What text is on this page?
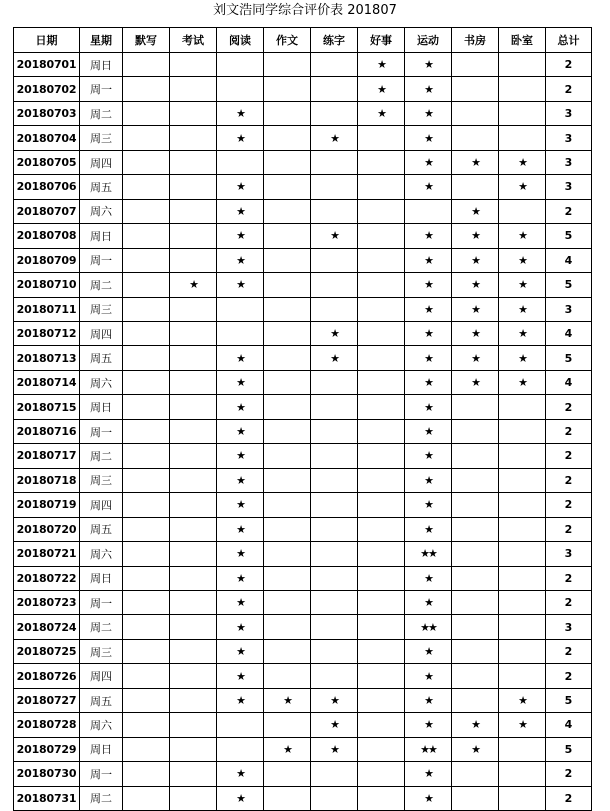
刘文浩同学综合评价表 201807
日期	星期	默写	考试	阅读	作文	练字	好事	运动	书房	卧室	总计
20180701	周日						★	★			2
20180702	周一						★	★			2
20180703	周二			★			★	★			3
20180704	周三			★		★		★			3
20180705	周四							★	★	★	3
20180706	周五			★				★		★	3
20180707	周六			★					★		2
20180708	周日			★		★		★	★	★	5
20180709	周一			★				★	★	★	4
20180710	周二		★	★				★	★	★	5
20180711	周三							★	★	★	3
20180712	周四					★		★	★	★	4
20180713	周五			★		★		★	★	★	5
20180714	周六			★				★	★	★	4
20180715	周日			★				★			2
20180716	周一			★				★			2
20180717	周二			★				★			2
20180718	周三			★				★			2
20180719	周四			★				★			2
20180720	周五			★				★			2
20180721	周六			★				★★			3
20180722	周日			★				★			2
20180723	周一			★				★			2
20180724	周二			★				★★			3
20180725	周三			★				★			2
20180726	周四			★				★			2
20180727	周五			★	★	★		★		★	5
20180728	周六					★		★	★	★	4
20180729	周日				★	★		★★	★		5
20180730	周一			★				★			2
20180731	周二			★				★			2
